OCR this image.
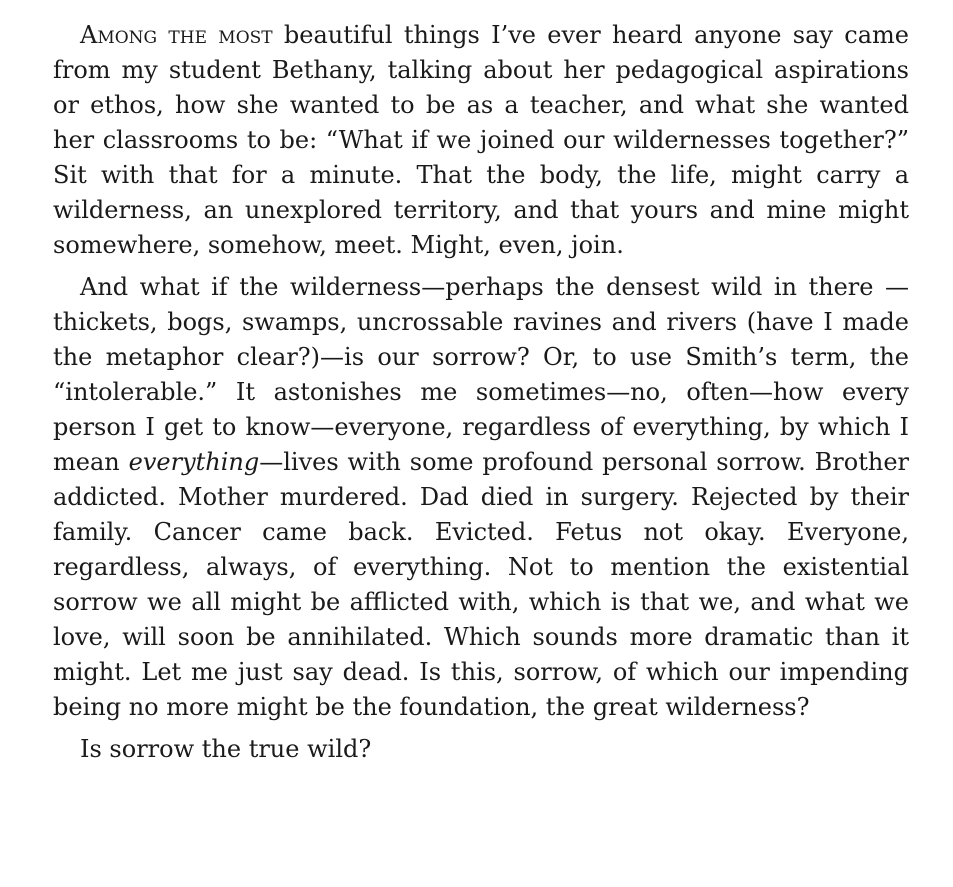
Among the most beautiful things I’ve ever heard anyone say came from my student Bethany, talking about her pedagogical aspirations or ethos, how she wanted to be as a teacher, and what she wanted her classrooms to be: “What if we joined our wildernesses together?” Sit with that for a minute. That the body, the life, might carry a wilderness, an unexplored territory, and that yours and mine might somewhere, somehow, meet. Might, even, join.

And what if the wilderness—perhaps the densest wild in there —thickets, bogs, swamps, uncrossable ravines and rivers (have I made the metaphor clear?)—is our sorrow? Or, to use Smith’s term, the “intolerable.” It astonishes me sometimes—no, often—how every person I get to know—everyone, regardless of everything, by which I mean everything—lives with some profound personal sorrow. Brother addicted. Mother murdered. Dad died in surgery. Rejected by their family. Cancer came back. Evicted. Fetus not okay. Everyone, regardless, always, of everything. Not to mention the existential sorrow we all might be afflicted with, which is that we, and what we love, will soon be annihilated. Which sounds more dramatic than it might. Let me just say dead. Is this, sorrow, of which our impending being no more might be the foundation, the great wilderness?

Is sorrow the true wild?
